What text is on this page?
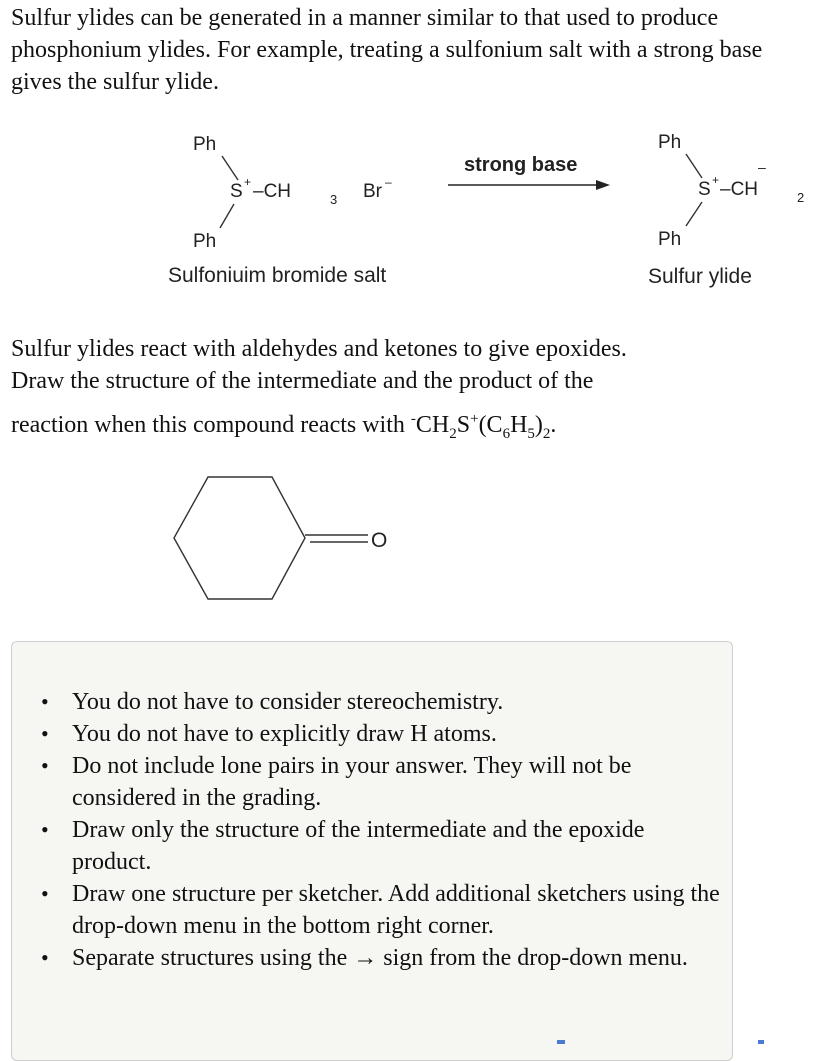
Sulfur ylides can be generated in a manner similar to that used to produce phosphonium ylides. For example, treating a sulfonium salt with a strong base gives the sulfur ylide.

Ph
S + –CH	3 Br –
Ph
Sulfoniuim bromide salt
strong base
Ph
S + –CH
–
2
Ph
Sulfur ylide
Sulfur ylides react with aldehydes and ketones to give epoxides.
Draw the structure of the intermediate and the product of the
reaction when this compound reacts with $^-CH_2S^+(C_6H_5)_2$.
O
• You do not have to consider stereochemistry.
• You do not have to explicitly draw H atoms.
• Do not include lone pairs in your answer. They will not be considered in the grading.
• Draw only the structure of the intermediate and the epoxide product.
• Draw one structure per sketcher. Add additional sketchers using the drop-down menu in the bottom right corner.
• Separate structures using the → sign from the drop-down menu.
